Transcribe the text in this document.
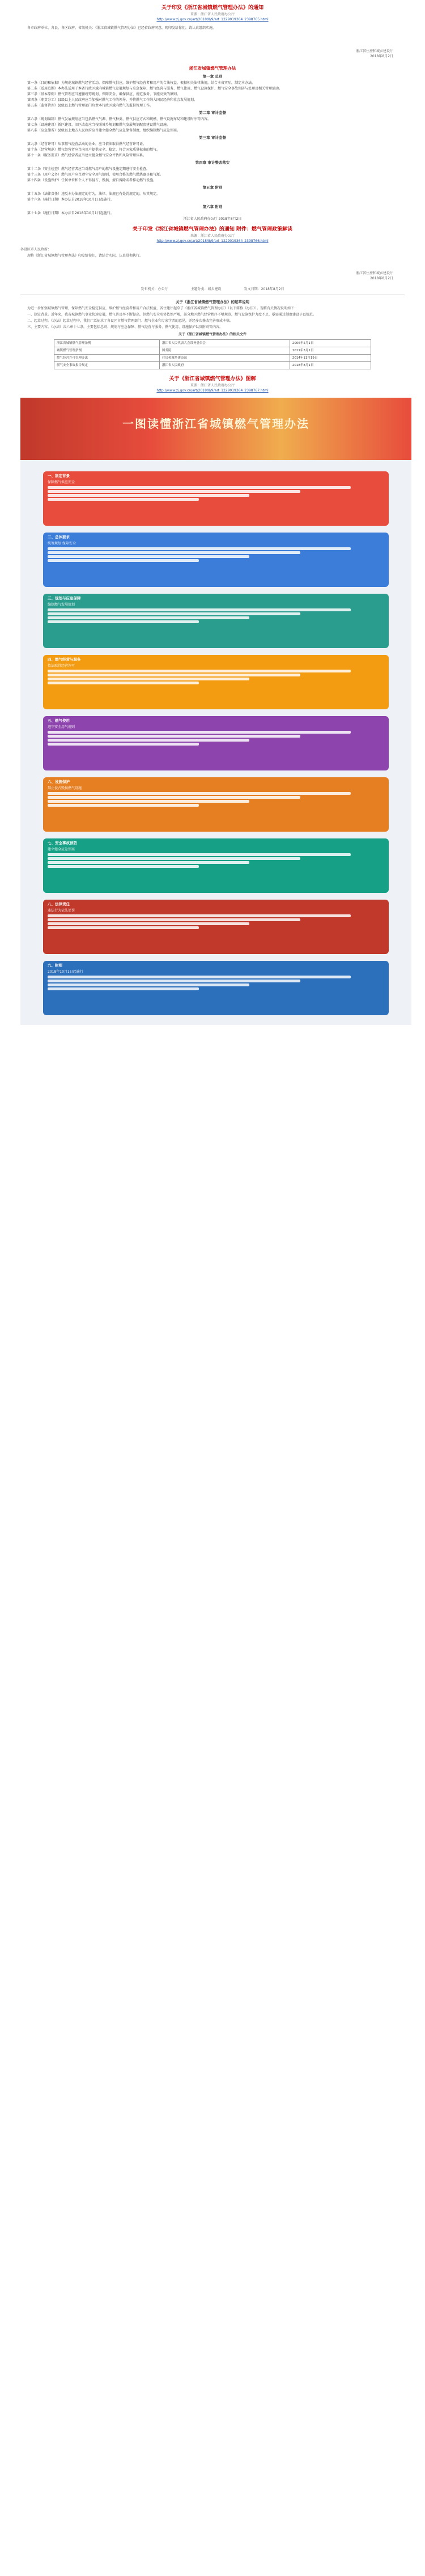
关于印发《浙江省城镇燃气管理办法》的通知

来源：浙江省人民政府办公厅

http://www.zj.gov.cn/art/2018/8/9/art_1229019364_2398765.html

各市政府单位、各县、各区政府、省级机关：《浙江省城镇燃气管理办法》已经省政府同意，现印发给你们，请认真组织实施。

浙江省住房和城乡建设厅

2018年8月2日

浙江省城镇燃气管理办法

第一章 总则

第一条（目的和依据）为规范城镇燃气经营活动，保障燃气供应，维护燃气经营者和用户的合法权益，根据相关法律法规，结合本省实际，制定本办法。

第二条（适用范围）本办法适用于本省行政区域内城镇燃气发展规划与应急保障、燃气经营与服务、燃气使用、燃气设施保护、燃气安全事故预防与处理及相关管理活动。

第三条（基本原则）燃气管理应当遵循统筹规划、保障安全、确保供应、规范服务、节能高效的原则。

第四条（职责分工）县级以上人民政府应当加强对燃气工作的领导，并将燃气工作纳入国民经济和社会发展规划。

第五条（监督管理）县级以上燃气管理部门负责本行政区域内燃气的监督管理工作。

第二章 审计监督

第六条（规划编制）燃气发展规划应当包括燃气气源、燃气种类、燃气供应方式和规模、燃气设施布局和建设时序等内容。

第七条（设施建设）新区建设、旧区改造应当按照城乡规划和燃气发展规划配套建设燃气设施。

第八条（应急储备）县级以上地方人民政府应当建立健全燃气应急储备制度，组织编制燃气应急预案。

第三章 审计监督

第九条（经营许可）从事燃气经营活动的企业，应当依法取得燃气经营许可证。

第十条（经营规范）燃气经营者应当向用户提供安全、稳定、符合国家质量标准的燃气。

第十一条（服务要求）燃气经营者应当建立健全燃气安全评估和风险管理体系。

第四章 审计整改落实

第十二条（安全检查）燃气经营者应当对燃气用户的燃气设施定期进行安全检查。

第十三条（用户义务）燃气用户应当遵守安全用气规则，使用合格的燃气燃烧器具和气瓶。

第十四条（设施保护）任何单位和个人不得侵占、毁损、擅自拆除或者移动燃气设施。

第五章 附则

第十五条（法律责任）违反本办法规定的行为，法律、法规已有处罚规定的，从其规定。

第十六条（施行日期）本办法自2018年10月1日起施行。

第六章 附则

第十七条（施行日期）本办法自2018年10月1日起施行。

浙江省人民政府办公厅 2018年8月2日

关于印发《浙江省城镇燃气管理办法》的通知 附件：燃气管理政策解读

来源：浙江省人民政府办公厅

http://www.zj.gov.cn/art/2018/8/9/art_1229019364_2398766.html

各设区市人民政府：

现将《浙江省城镇燃气管理办法》印发给你们，请结合实际，认真贯彻执行。

浙江省住房和城乡建设厅

2018年8月2日

发布机关：办公厅	主题分类：城乡建设	发文日期：2018年8月2日

关于《浙江省城镇燃气管理办法》的起草说明

为进一步加强城镇燃气管理，保障燃气安全稳定供应，维护燃气经营者和用户合法权益，省住建厅起草了《浙江省城镇燃气管理办法》（以下简称《办法》）。现将有关情况说明如下：

一、制定背景。近年来，我省城镇燃气事业快速发展，燃气普及率不断提高，但燃气安全形势依然严峻，部分地区燃气经营秩序不够规范，燃气设施保护力度不足，亟需通过制度建设予以规范。

二、起草过程。《办法》起草过程中，我们广泛征求了各设区市燃气管理部门、燃气企业和专家学者的意见，并经多次修改完善形成本稿。

三、主要内容。《办法》共六章十七条，主要包括总则、规划与应急保障、燃气经营与服务、燃气使用、设施保护以及附则等内容。

关于《浙江省城镇燃气管理办法》的相关文件

浙江省城镇燃气管理条例	浙江省人民代表大会常务委员会	2006年5月1日
城镇燃气管理条例	国务院	2011年3月1日
燃气经营许可管理办法	住房和城乡建设部	2014年11月19日
燃气安全事故报告规定	浙江省人民政府	2018年8月1日

关于《浙江省城镇燃气管理办法》图解

来源：浙江省人民政府办公厅

http://www.zj.gov.cn/art/2018/8/9/art_1229019364_2398767.html

一图读懂浙江省城镇燃气管理办法
一、制定背景
保障燃气供应安全
二、总体要求
统筹规划 保障安全
三、规划与应急保障
编制燃气发展规划
四、燃气经营与服务
依法取得经营许可
五、燃气使用
遵守安全用气规则
六、设施保护
禁止侵占毁损燃气设施
七、安全事故预防
建立健全应急预案
八、法律责任
违法行为依法处罚
九、附则
2018年10月1日起施行
